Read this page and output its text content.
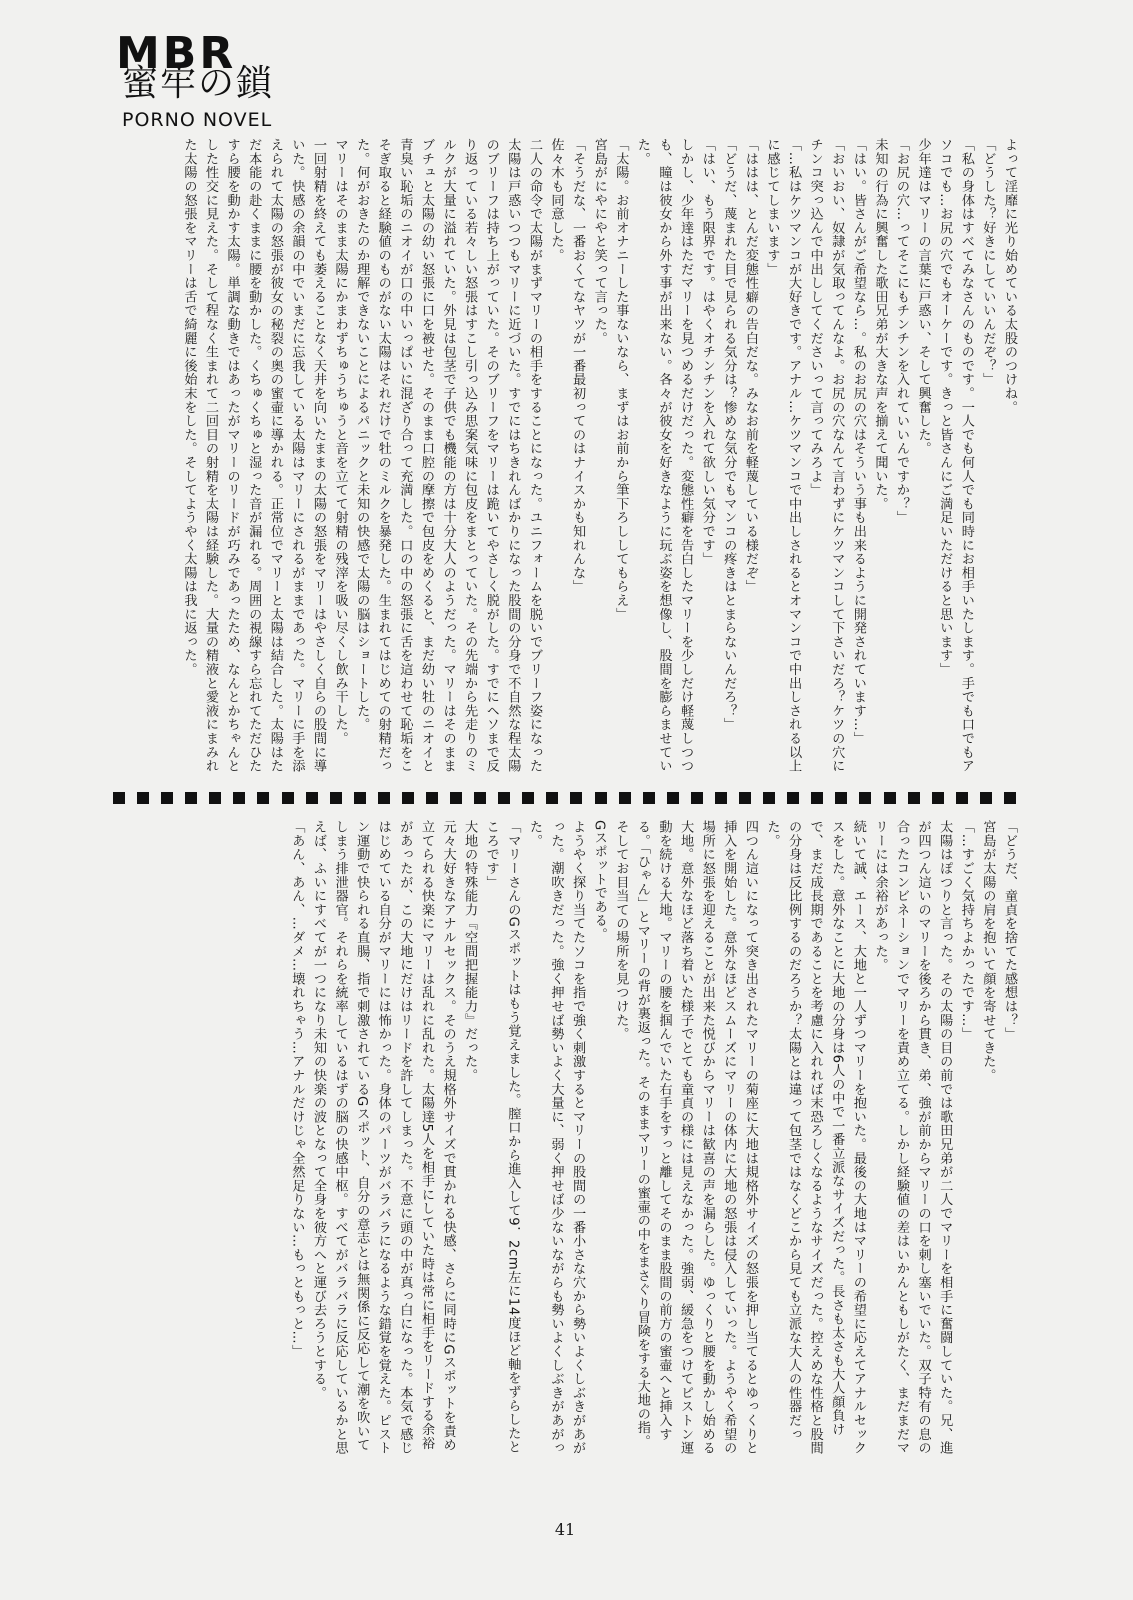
MBR
蜜牢の鎖
PORNO NOVEL

よって淫靡に光り始めている太股のつけね。

「どうした？好きにしていいんだぞ？」

「私の身体はすべてみなさんのものです。一人でも何人でも同時にお相手いたします。手でも口でもアソコでも…お尻の穴でもオーケーです。きっと皆さんにご満足いただけると思います」

少年達はマリーの言葉に戸惑い、そして興奮した。

「お尻の穴…ってそこにもチンチンを入れていいんですか？」

未知の行為に興奮した歌田兄弟が大きな声を揃えて聞いた。

「はい。皆さんがご希望なら…。私のお尻の穴はそういう事も出来るように開発されています…」

「おいおい、奴隷が気取ってんなよ。お尻の穴なんて言わずにケツマンコして下さいだろ？ケツの穴にチンコ突っ込んで中出ししてくださいって言ってみろよ」

「…私はケツマンコが大好きです。アナル…ケツマンコで中出しされるとオマンコで中出しされる以上に感じてしまいます」

「ははは、とんだ変態性癖の告白だな。みなお前を軽蔑している様だぞ」

「どうだ、蔑まれた目で見られる気分は？惨めな気分でもマンコの疼きはとまらないんだろ？」

「はい、もう限界です。はやくオチンチンを入れて欲しい気分です」

しかし、少年達はただマリーを見つめるだけだった。変態性癖を告白したマリーを少しだけ軽蔑しつつも、瞳は彼女から外す事が出来ない。各々が彼女を好きなように玩ぶ姿を想像し、股間を膨らませていた。

「太陽。お前オナニーした事ないなら、まずはお前から筆下ろししてもらえ」

宮島がにやにやと笑って言った。

「そうだな、一番おくてなヤツが一番最初ってのはナイスかも知れんな」

佐々木も同意した。

二人の命令で太陽がまずマリーの相手をすることになった。ユニフォームを脱いでブリーフ姿になった太陽は戸惑いつつもマリーに近づいた。すでにはちきれんばかりになった股間の分身で不自然な程太陽のブリーフは持ち上がっていた。そのブリーフをマリーは跪いてやさしく脱がした。すでにヘソまで反り返っている若々しい怒張はすこし引っ込み思案気味に包皮をまとっていた。その先端から先走りのミルクが大量に溢れていた。外見は包茎で子供でも機能の方は十分大人のようだった。マリーはそのままブチュと太陽の幼い怒張に口を被せた。そのまま口腔の摩擦で包皮をめくると、まだ幼い牡のニオイと青臭い恥垢のニオイが口の中いっぱいに混ざり合って充満した。口の中の怒張に舌を這わせて恥垢をこそぎ取ると経験値のものがない太陽はそれだけで牡のミルクを暴発した。生まれてはじめての射精だった。何がおきたのか理解できないことによるパニックと未知の快感で太陽の脳はショートした。

マリーはそのまま太陽にかまわずちゅうちゅうと音を立てて射精の残滓を吸い尽くし飲み干した。

一回射精を終えても萎えることなく天井を向いたままの太陽の怒張をマリーはやさしく自らの股間に導いた。快感の余韻の中でいまだに忘我している太陽はマリーにされるがままであった。マリーに手を添えられて太陽の怒張が彼女の秘裂の奥の蜜壷に導かれる。正常位でマリーと太陽は結合した。太陽はただ本能の赴くままに腰を動かした。くちゅくちゅと湿った音が漏れる。周囲の視線すら忘れてただひたすら腰を動かす太陽。単調な動きではあったがマリーのリードが巧みであったため、なんとかちゃんとした性交に見えた。そして程なく生まれて二回目の射精を太陽は経験した。大量の精液と愛液にまみれた太陽の怒張をマリーは舌で綺麗に後始末をした。そしてようやく太陽は我に返った。

「どうだ、童貞を捨てた感想は？」

宮島が太陽の肩を抱いて顔を寄せてきた。

「…すごく気持ちよかったです…」

太陽はぽつりと言った。その太陽の目の前では歌田兄弟が二人でマリーを相手に奮闘していた。兄、進が四つん這いのマリーを後ろから貫き、弟、強が前からマリーの口を刺し塞いでいた。双子特有の息の合ったコンビネーションでマリーを責め立てる。しかし経験値の差はいかんともしがたく、まだまだマリーには余裕があった。

続いて誠、エース、大地と一人ずつマリーを抱いた。最後の大地はマリーの希望に応えてアナルセックスをした。意外なことに大地の分身は6人の中で一番立派なサイズだった。長さも太さも大人顔負けで、まだ成長期であることを考慮に入れれば末恐ろしくなるようなサイズだった。控えめな性格と股間の分身は反比例するのだろうか？太陽とは違って包茎ではなくどこから見ても立派な大人の性器だった。

四つん這いになって突き出されたマリーの菊座に大地は規格外サイズの怒張を押し当てるとゆっくりと挿入を開始した。意外なほどスムーズにマリーの体内に大地の怒張は侵入していった。ようやく希望の場所に怒張を迎えることが出来た悦びからマリーは歓喜の声を漏らした。ゆっくりと腰を動かし始める大地。意外なほど落ち着いた様子でとても童貞の様には見えなかった。強弱、緩急をつけてピストン運動を続ける大地。マリーの腰を掴んでいた右手をすっと離してそのまま股間の前方の蜜壷へと挿入する。「ひゃん」とマリーの背が裏返った。そのままマリーの蜜壷の中をまさぐり冒険をする大地の指。そしてお目当ての場所を見つけた。

Gスポットである。

ようやく探り当てたソコを指で強く刺激するとマリーの股間の一番小さな穴から勢いよくしぶきがあがった。潮吹きだった。強く押せば勢いよく大量に、弱く押せば少ないながらも勢いよくしぶきがあがった。

「マリーさんのGスポットはもう覚えました。膣口から進入して9．2cm左に14度ほど軸をずらしたところです」

大地の特殊能力『空間把握能力』だった。

元々大好きなアナルセックス。そのうえ規格外サイズで貫かれる快感、さらに同時にGスポットを責め立てられる快楽にマリーは乱れに乱れた。太陽達5人を相手にしていた時は常に相手をリードする余裕があったが、この大地にだけはリードを許してしまった。不意に頭の中が真っ白になった。本気で感じはじめている自分がマリーには怖かった。身体のパーツがバラバラになるような錯覚を覚えた。ピストン運動で快られる直腸、指で刺激されているGスポット、自分の意志とは無関係に反応して潮を吹いてしまう排泄器官。それらを統率しているはずの脳の快感中枢。すべてがバラバラに反応しているかと思えば、ふいにすべてが一つになり未知の快楽の波となって全身を彼方へと運び去ろうとする。

「あん、あん、…ダメ…壊れちゃう…アナルだけじゃ全然足りない…もっともっと…」

41
